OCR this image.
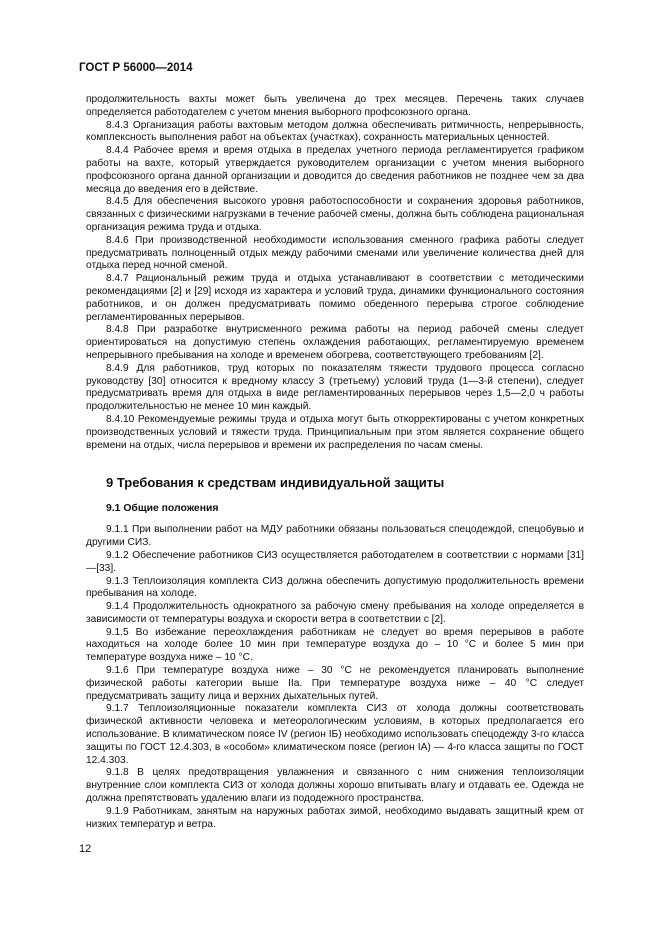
ГОСТ Р 56000—2014

продолжительность вахты может быть увеличена до трех месяцев. Перечень таких случаев определяется работодателем с учетом мнения выборного профсоюзного органа.

8.4.3 Организация работы вахтовым методом должна обеспечивать ритмичность, непрерывность, комплексность выполнения работ на объектах (участках), сохранность материальных ценностей.

8.4.4 Рабочее время и время отдыха в пределах учетного периода регламентируется графиком работы на вахте, который утверждается руководителем организации с учетом мнения выборного профсоюзного органа данной организации и доводится до сведения работников не позднее чем за два месяца до введения его в действие.

8.4.5 Для обеспечения высокого уровня работоспособности и сохранения здоровья работников, связанных с физическими нагрузками в течение рабочей смены, должна быть соблюдена рациональная организация режима труда и отдыха.

8.4.6 При производственной необходимости использования сменного графика работы следует предусматривать полноценный отдых между рабочими сменами или увеличение количества дней для отдыха перед ночной сменой.

8.4.7 Рациональный режим труда и отдыха устанавливают в соответствии с методическими рекомендациями [2] и [29] исходя из характера и условий труда, динамики функционального состояния работников, и он должен предусматривать помимо обеденного перерыва строгое соблюдение регламентированных перерывов.

8.4.8 При разработке внутрисменного режима работы на период рабочей смены следует ориентироваться на допустимую степень охлаждения работающих, регламентируемую временем непрерывного пребывания на холоде и временем обогрева, соответствующего требованиям [2].

8.4.9 Для работников, труд которых по показателям тяжести трудового процесса согласно руководству [30] относится к вредному классу 3 (третьему) условий труда (1—3-й степени), следует предусматривать время для отдыха в виде регламентированных перерывов через 1,5—2,0 ч работы продолжительностью не менее 10 мин каждый.

8.4.10 Рекомендуемые режимы труда и отдыха могут быть откорректированы с учетом конкретных производственных условий и тяжести труда. Принципиальным при этом является сохранение общего времени на отдых, числа перерывов и времени их распределения по часам смены.

9 Требования к средствам индивидуальной защиты
9.1 Общие положения

9.1.1 При выполнении работ на МДУ работники обязаны пользоваться спецодеждой, спецобувью и другими СИЗ.

9.1.2 Обеспечение работников СИЗ осуществляется работодателем в соответствии с нормами [31]—[33].

9.1.3 Теплоизоляция комплекта СИЗ должна обеспечить допустимую продолжительность времени пребывания на холоде.

9.1.4 Продолжительность однократного за рабочую смену пребывания на холоде определяется в зависимости от температуры воздуха и скорости ветра в соответствии с [2].

9.1.5 Во избежание переохлаждения работникам не следует во время перерывов в работе находиться на холоде более 10 мин при температуре воздуха до – 10 °С и более 5 мин при температуре воздуха ниже – 10 °С.

9.1.6 При температуре воздуха ниже – 30 °С не рекомендуется планировать выполнение физической работы категории выше IIа. При температуре воздуха ниже – 40 °С следует предусматривать защиту лица и верхних дыхательных путей.

9.1.7 Теплоизоляционные показатели комплекта СИЗ от холода должны соответствовать физической активности человека и метеорологическим условиям, в которых предполагается его использование. В климатическом поясе IV (регион IБ) необходимо использовать спецодежду 3-го класса защиты по ГОСТ 12.4.303, в «особом» климатическом поясе (регион IА) — 4-го класса защиты по ГОСТ 12.4.303.

9.1.8 В целях предотвращения увлажнения и связанного с ним снижения теплоизоляции внутренние слои комплекта СИЗ от холода должны хорошо впитывать влагу и отдавать ее. Одежда не должна препятствовать удалению влаги из пододежного пространства.

9.1.9 Работникам, занятым на наружных работах зимой, необходимо выдавать защитный крем от низких температур и ветра.

12
